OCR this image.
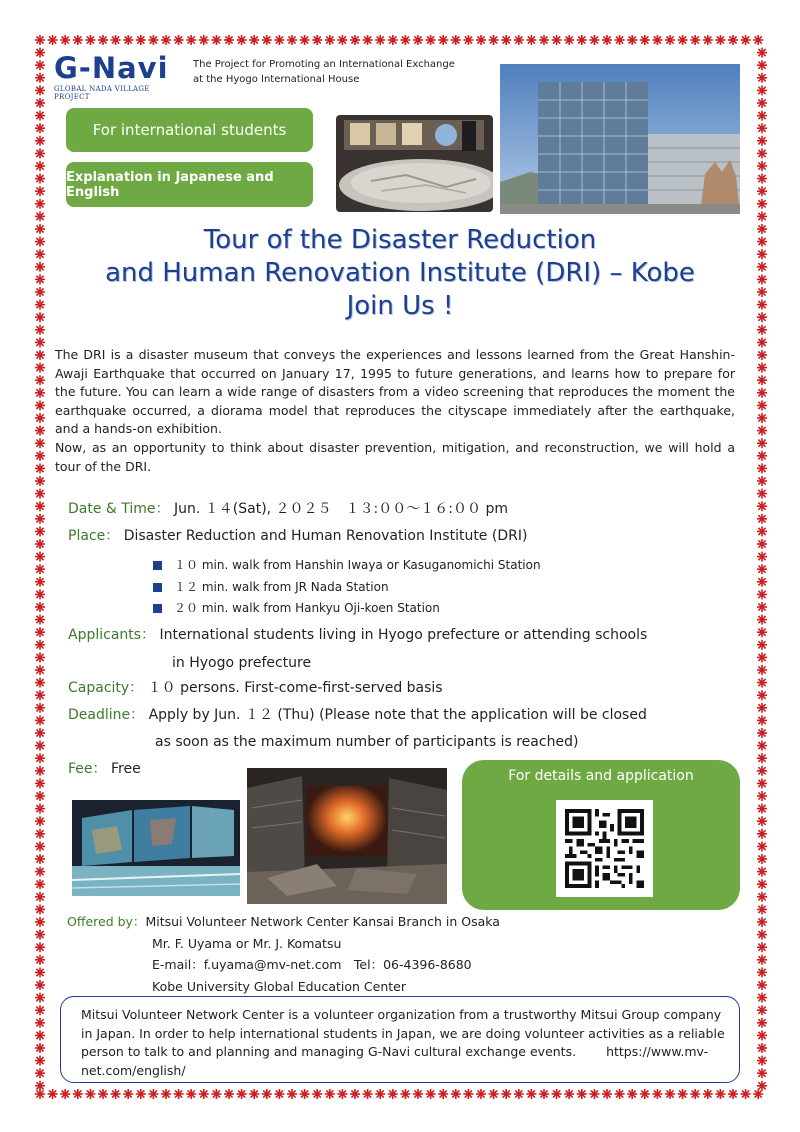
G-Navi
GLOBAL NADA VILLAGE PROJECT
The Project for Promoting an International Exchange
at the Hyogo International House
For international students
Explanation in Japanese and English
Tour of the Disaster Reduction
and Human Renovation Institute (DRI) – Kobe
Join Us !

The DRI is a disaster museum that conveys the experiences and lessons learned from the Great Hanshin-Awaji Earthquake that occurred on January 17, 1995 to future generations, and learns how to prepare for the future. You can learn a wide range of disasters from a video screening that reproduces the moment the earthquake occurred, a diorama model that reproduces the cityscape immediately after the earthquake, and a hands-on exhibition.

Now, as an opportunity to think about disaster prevention, mitigation, and reconstruction, we will hold a tour of the DRI.

Date & Time： Jun. １４(Sat), ２０２５　１３:００～１６:００ pm
Place： Disaster Reduction and Human Renovation Institute (DRI)
１０ min. walk from Hanshin Iwaya or Kasuganomichi Station
１２ min. walk from JR Nada Station
２０ min. walk from Hankyu Oji-koen Station
Applicants： International students living in Hyogo prefecture or attending schools
in Hyogo prefecture
Capacity： １０ persons. First-come-first-served basis
Deadline： Apply by Jun. １２ (Thu) (Please note that the application will be closed
as soon as the maximum number of participants is reached)
Fee： Free	For details and application
Offered by：Mitsui Volunteer Network Center Kansai Branch in Osaka
Mr. F. Uyama or Mr. J. Komatsu
E-mail：f.uyama@mv-net.com　Tel：06-4396-8680
Kobe University Global Education Center
Mitsui Volunteer Network Center is a volunteer organization from a trustworthy Mitsui Group company in Japan. In order to help international students in Japan, we are doing volunteer activities as a reliable person to talk to and planning and managing G-Navi cultural exchange events. https://www.mv-net.com/english/
